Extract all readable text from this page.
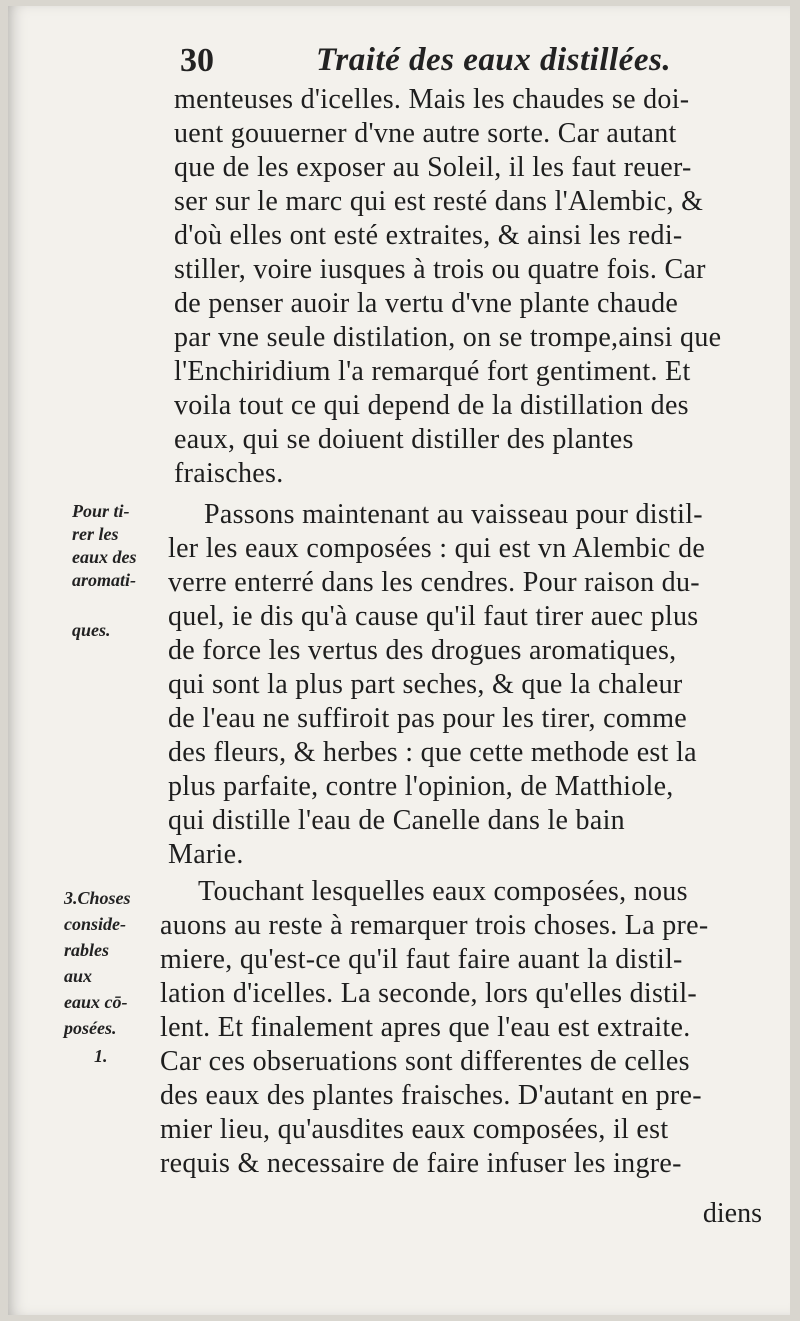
30	Traité des eaux distillées.
menteuses d'icelles. Mais les chaudes se doi-
uent gouuerner d'vne autre sorte. Car autant
que de les exposer au Soleil, il les faut reuer-
ser sur le marc qui est resté dans l'Alembic, &
d'où elles ont esté extraites, & ainsi les redi-
stiller, voire iusques à trois ou quatre fois. Car
de penser auoir la vertu d'vne plante chaude
par vne seule distilation, on se trompe,ainsi que
l'Enchiridium l'a remarqué fort gentiment. Et
voila tout ce qui depend de la distillation des
eaux, qui se doiuent distiller des plantes
fraisches.
Passons maintenant au vaisseau pour distil-
ler les eaux composées : qui est vn Alembic de
verre enterré dans les cendres. Pour raison du-
quel, ie dis qu'à cause qu'il faut tirer auec plus
de force les vertus des drogues aromatiques,
qui sont la plus part seches, & que la chaleur
de l'eau ne suffiroit pas pour les tirer, comme
des fleurs, & herbes : que cette methode est la
plus parfaite, contre l'opinion, de Matthiole,
qui distille l'eau de Canelle dans le bain
Marie.
Touchant lesquelles eaux composées, nous
auons au reste à remarquer trois choses. La pre-
miere, qu'est-ce qu'il faut faire auant la distil-
lation d'icelles. La seconde, lors qu'elles distil-
lent. Et finalement apres que l'eau est extraite.
Car ces obseruations sont differentes de celles
des eaux des plantes fraisches. D'autant en pre-
mier lieu, qu'ausdites eaux composées, il est
requis & necessaire de faire infuser les ingre-
Pour ti-
rer les
eaux des
aromati-
ques.
3.Choses
conside-
rables
aux
eaux cō-
posées.
1.
diens
